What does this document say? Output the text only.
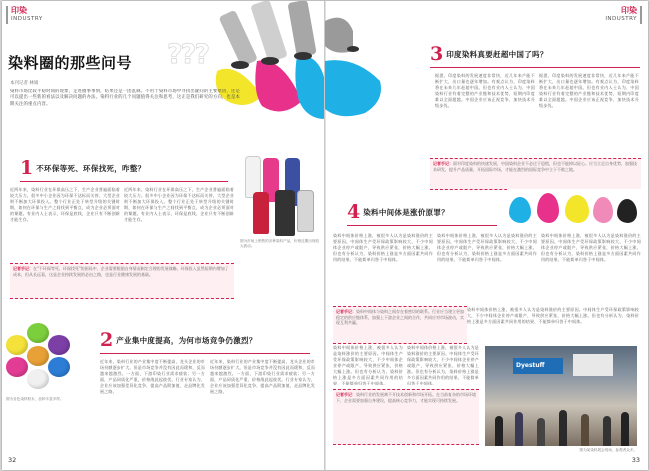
印染
INDUSTRY
???
染料圈的那些问号
本刊记者 林娟
染料市场比较平稳时间的现象，走进圈事事情，结果还是一团乱麻。不用于染料市场中寻找出疑问的主要原因，还是可以提出一些新的看法以及解决问题的办法。染料行业的几个问题值得关注和思考，这正是我们研究的方向，也是本期关注的重点内容。
1 不环保等死、环保找死，咋整？
近两年来，染料行业在环保高压之下，生产企业普遍面临着较大压力。很多中小企业因为环保不达标而关停，大型企业则不断加大环保投入。整个行业正处于转型升级的关键时期，如何在环保与生产之间找到平衡点，成为企业必须面对的课题。有业内人士表示，环保是底线，企业只有不断创新才能生存。
近两年来，染料行业在环保高压之下，生产企业普遍面临着较大压力。很多中小企业因为环保不达标而关停，大型企业则不断加大环保投入。整个行业正处于转型升级的关键时期，如何在环保与生产之间找到平衡点，成为企业必须面对的课题。有业内人士表示，环保是底线，企业只有不断创新才能生存。
图为市场上销售的各种染料产品，价格近期出现较大波动。
记者手记：在"不环保等死、环保找死"的困局中，企业需要根据自身情况制定合理的发展战略。环保投入虽然短期内增加了成本，但从长远看，这是企业持续发展的必由之路，也是行业健康发展的基础。
2 产业集中度提高，为何市场竞争仍激烈？
图为各色染料粉末，品种丰富多样。
近年来，染料行业的产业集中度不断提高，龙头企业的市场份额逐步扩大。但是市场竞争并没有因此而缓和，反而越来越激烈。一方面，下游印染行业需求疲软；另一方面，产品同质化严重，价格战此起彼伏。行业专家认为，企业应该加强差异化竞争，提高产品附加值，走品牌化发展之路。
近年来，染料行业的产业集中度不断提高，龙头企业的市场份额逐步扩大。但是市场竞争并没有因此而缓和，反而越来越激烈。一方面，下游印染行业需求疲软；另一方面，产品同质化严重，价格战此起彼伏。行业专家认为，企业应该加强差异化竞争，提高产品附加值，走品牌化发展之路。
32
印染
INDUSTRY
3 印度染料真要赶超中国了吗？
据悉，印度染料的发展速度非常快，近几年来产能不断扩大，出口量也逐年增加。有观点认为，印度染料将在未来几年赶超中国。但也有业内人士认为，中国染料行业有着完整的产业链和技术优势，短期内印度难以全面超越。中国企业应该正视竞争，加快技术升级步伐。
据悉，印度染料的发展速度非常快，近几年来产能不断扩大，出口量也逐年增加。有观点认为，印度染料将在未来几年赶超中国。但也有业内人士认为，中国染料行业有着完整的产业链和技术优势，短期内印度难以全面超越。中国企业应该正视竞争，加快技术升级步伐。
记者手记：面对印度染料的快速发展，中国染料企业不必过于恐慌，但也不能掉以轻心。应当立足自身优势，加强技术研发，提升产品质量，开拓国际市场，才能在激烈的国际竞争中立于不败之地。
4 染料中间体是涨价原罪？
染料中间体价格上涨，被很多人认为是染料涨价的主要原因。中间体生产受环保政策影响较大，不少中间体企业停产或限产，导致供应紧张，价格大幅上涨。但也有分析认为，染料价格上涨是多方面因素共同作用的结果，不能简单归咎于中间体。
染料中间体价格上涨，被很多人认为是染料涨价的主要原因。中间体生产受环保政策影响较大，不少中间体企业停产或限产，导致供应紧张，价格大幅上涨。但也有分析认为，染料价格上涨是多方面因素共同作用的结果，不能简单归咎于中间体。
染料中间体价格上涨，被很多人认为是染料涨价的主要原因。中间体生产受环保政策影响较大，不少中间体企业停产或限产，导致供应紧张，价格大幅上涨。但也有分析认为，染料价格上涨是多方面因素共同作用的结果，不能简单归咎于中间体。
记者手记：染料中间体与染料之间存在着密切的联系。行业应当建立更加稳定的供应链体系，加强上下游企业之间的合作，共同应对市场波动，实现互利共赢。
染料中间体价格上涨，被很多人认为是染料涨价的主要原因。中间体生产受环保政策影响较大，不少中间体企业停产或限产，导致供应紧张，价格大幅上涨。但也有分析认为，染料价格上涨是多方面因素共同作用的结果，不能简单归咎于中间体。
染料中间体价格上涨，被很多人认为是染料涨价的主要原因。中间体生产受环保政策影响较大，不少中间体企业停产或限产，导致供应紧张，价格大幅上涨。但也有分析认为，染料价格上涨是多方面因素共同作用的结果，不能简单归咎于中间体。
染料中间体价格上涨，被很多人认为是染料涨价的主要原因。中间体生产受环保政策影响较大，不少中间体企业停产或限产，导致供应紧张，价格大幅上涨。但也有分析认为，染料价格上涨是多方面因素共同作用的结果，不能简单归咎于中间体。
记者手记：染料行业的发展离不开技术创新和市场开拓。在当前复杂的市场环境下，企业需要加强自身建设，提高核心竞争力，才能实现可持续发展。
Dyestuff
图为某染料展会现场，参观者众多。
33
